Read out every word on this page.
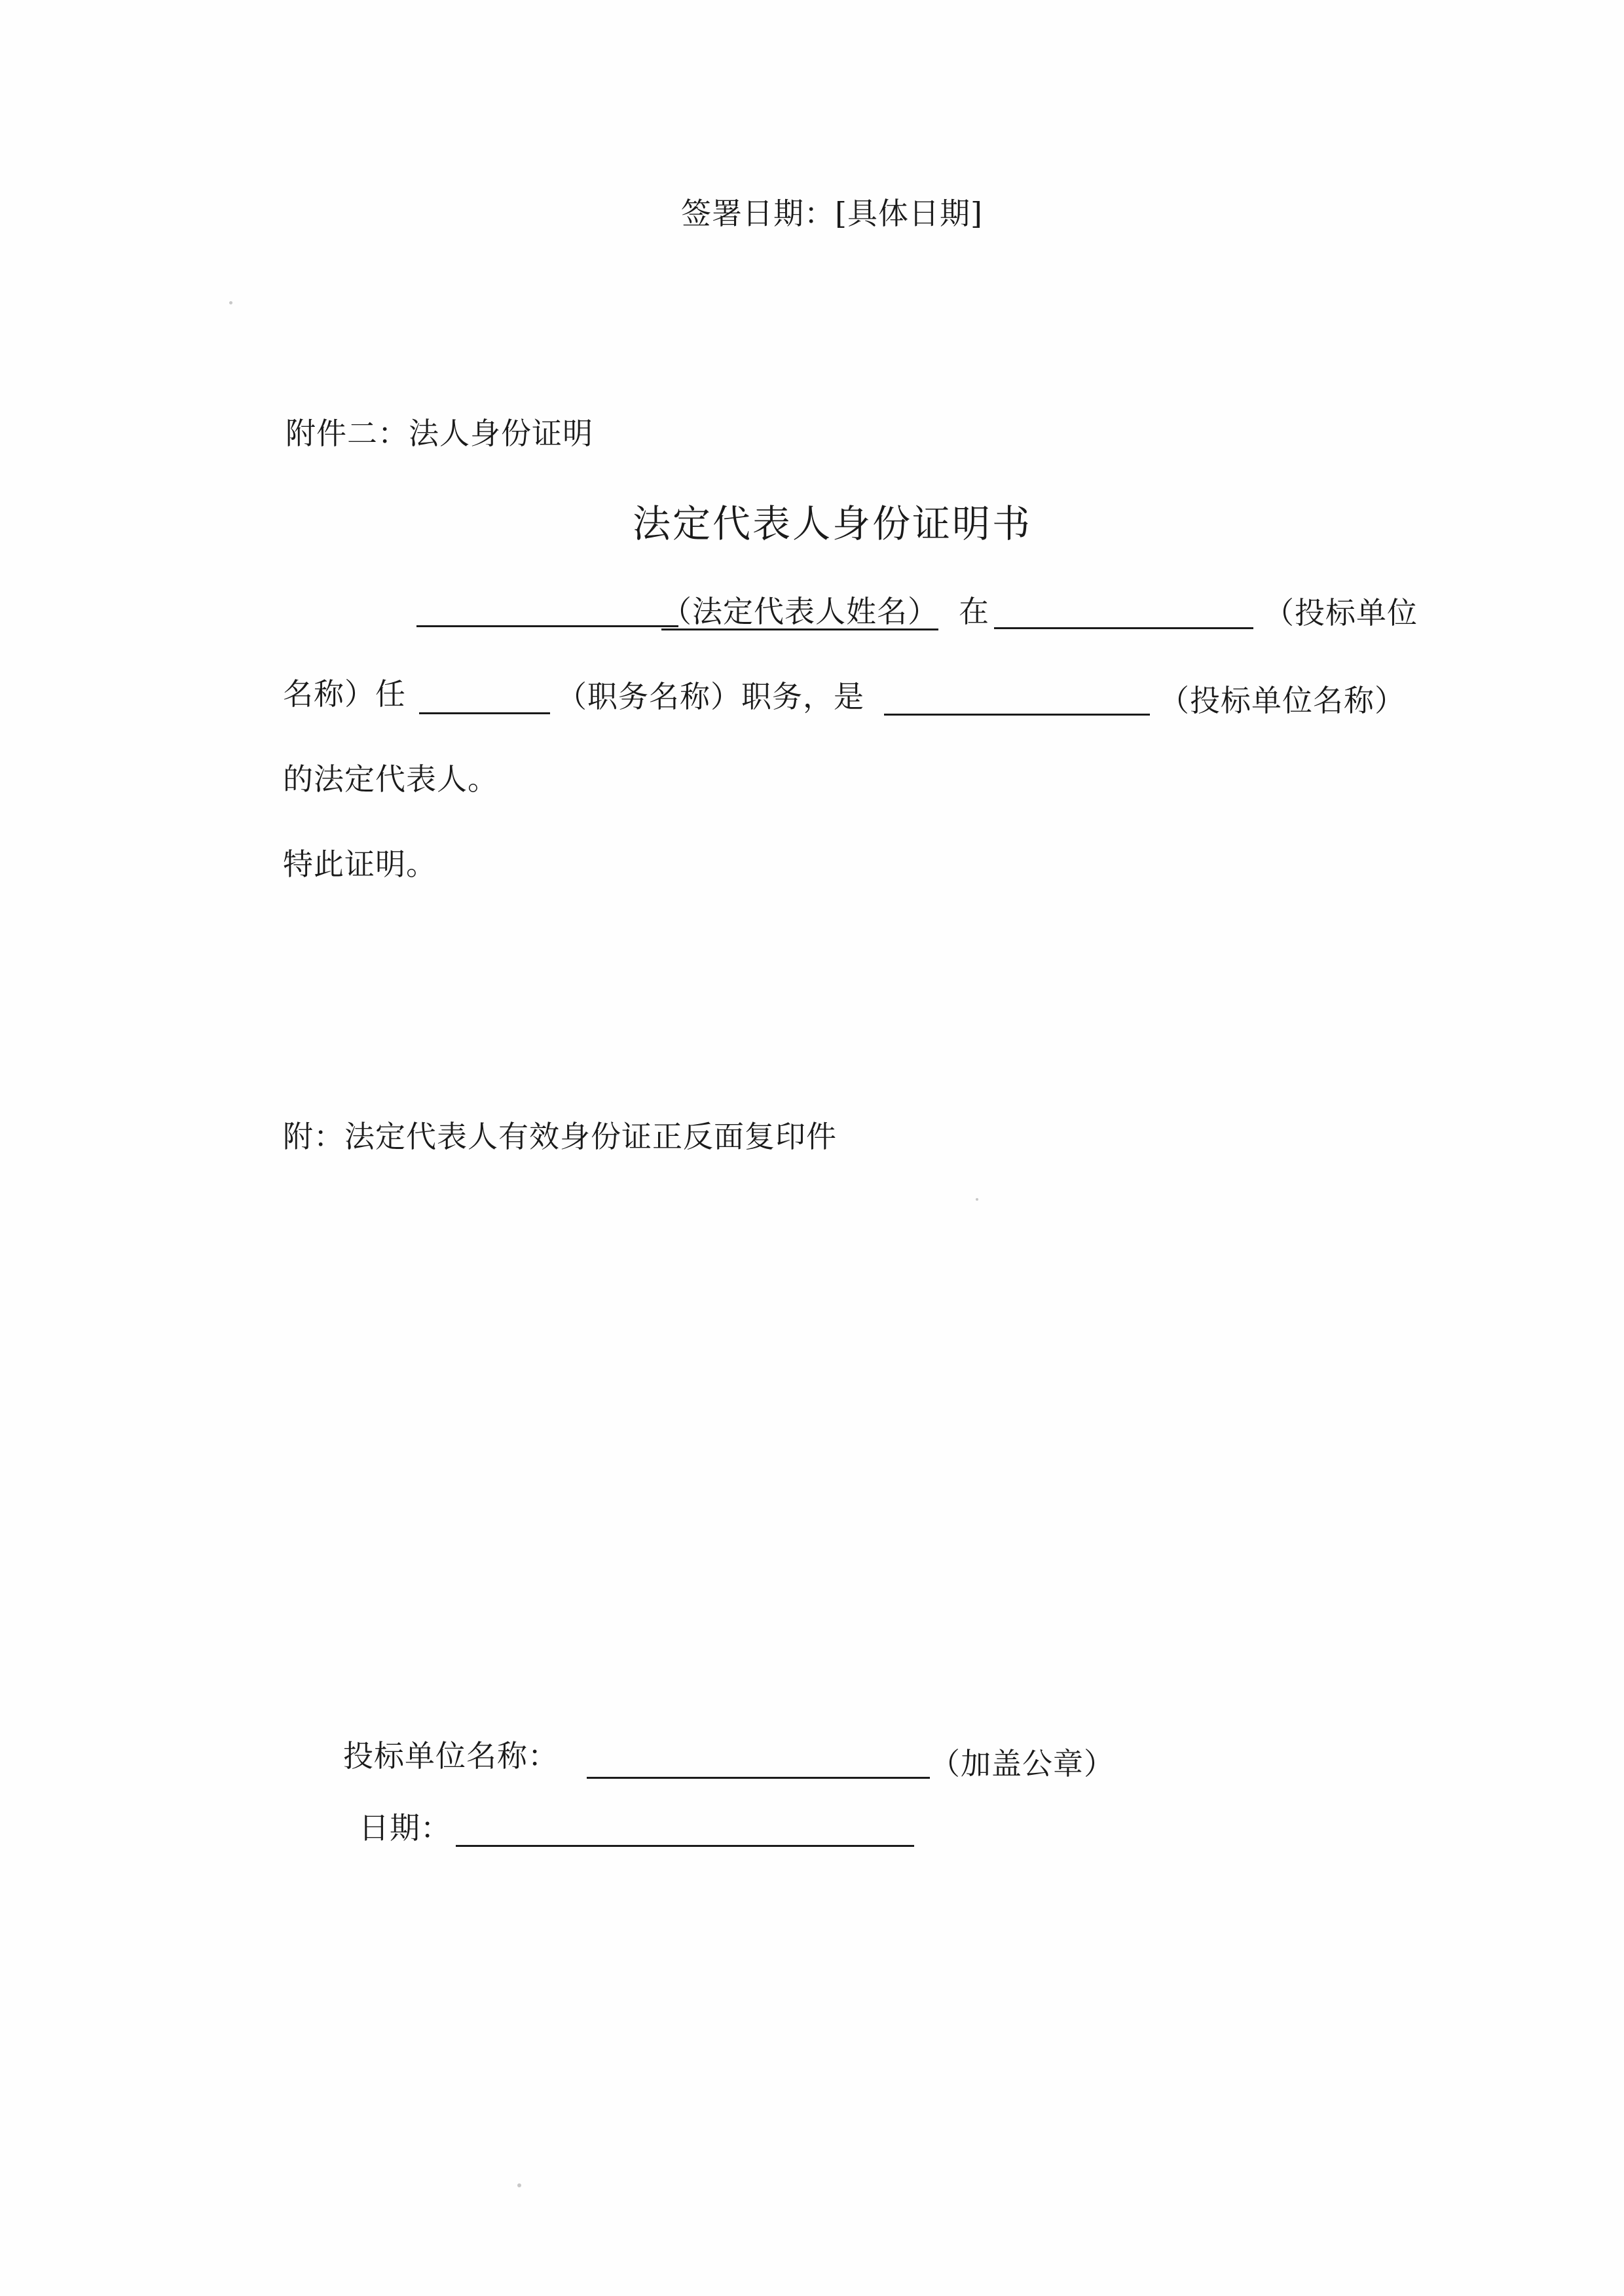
签署日期：[具体日期]
附件二：法人身份证明
法定代表人身份证明书
（法定代表人姓名） 在	（投标单位
名称）任	（职务名称）职务，是	（投标单位名称）
的法定代表人。
特此证明。
附：法定代表人有效身份证正反面复印件
投标单位名称：	（加盖公章）
日期：
